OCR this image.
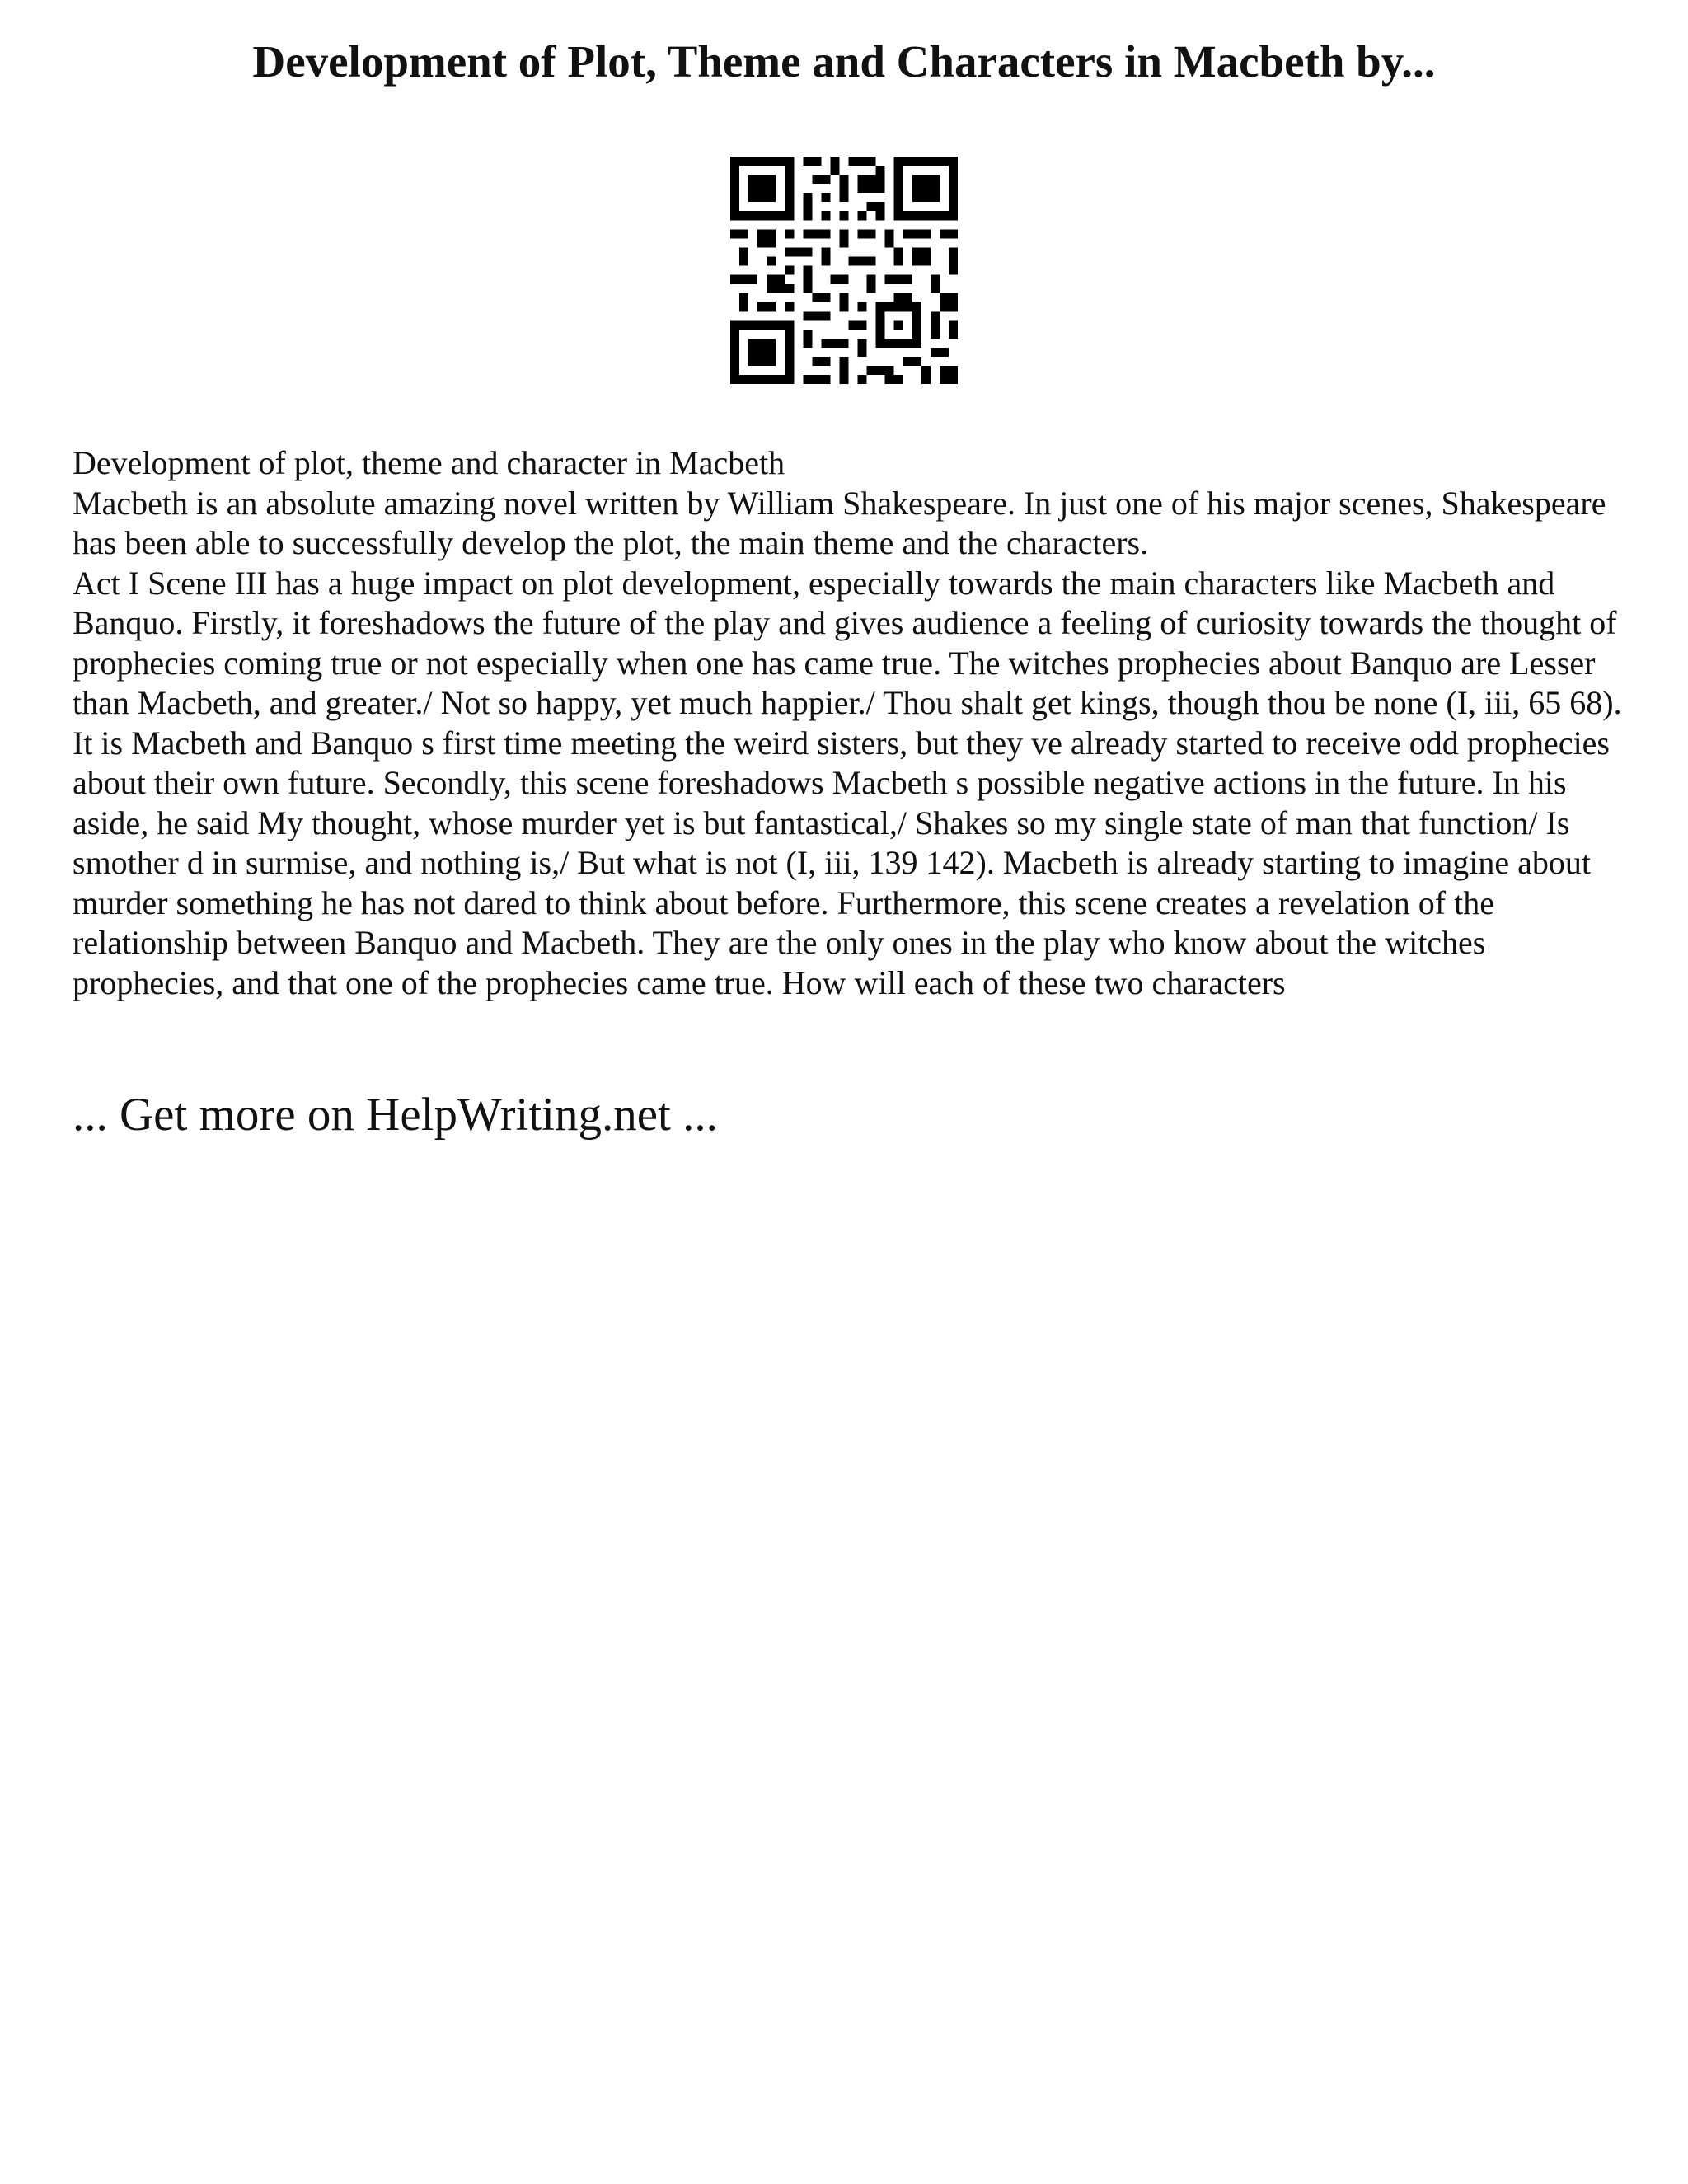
Development of Plot, Theme and Characters in Macbeth by...

Development of plot, theme and character in Macbeth

Macbeth is an absolute amazing novel written by William Shakespeare. In just one of his major scenes, Shakespeare has been able to successfully develop the plot, the main theme and the characters.

Act I Scene III has a huge impact on plot development, especially towards the main characters like Macbeth and Banquo. Firstly, it foreshadows the future of the play and gives audience a feeling of curiosity towards the thought of prophecies coming true or not especially when one has came true. The witches prophecies about Banquo are Lesser than Macbeth, and greater./ Not so happy, yet much happier./ Thou shalt get kings, though thou be none (I, iii, 65 68). It is Macbeth and Banquo s first time meeting the weird sisters, but they ve already started to receive odd prophecies about their own future. Secondly, this scene foreshadows Macbeth s possible negative actions in the future. In his aside, he said My thought, whose murder yet is but fantastical,/ Shakes so my single state of man that function/ Is smother d in surmise, and nothing is,/ But what is not (I, iii, 139 142). Macbeth is already starting to imagine about murder something he has not dared to think about before. Furthermore, this scene creates a revelation of the relationship between Banquo and Macbeth. They are the only ones in the play who know about the witches prophecies, and that one of the prophecies came true. How will each of these two characters

... Get more on HelpWriting.net ...
